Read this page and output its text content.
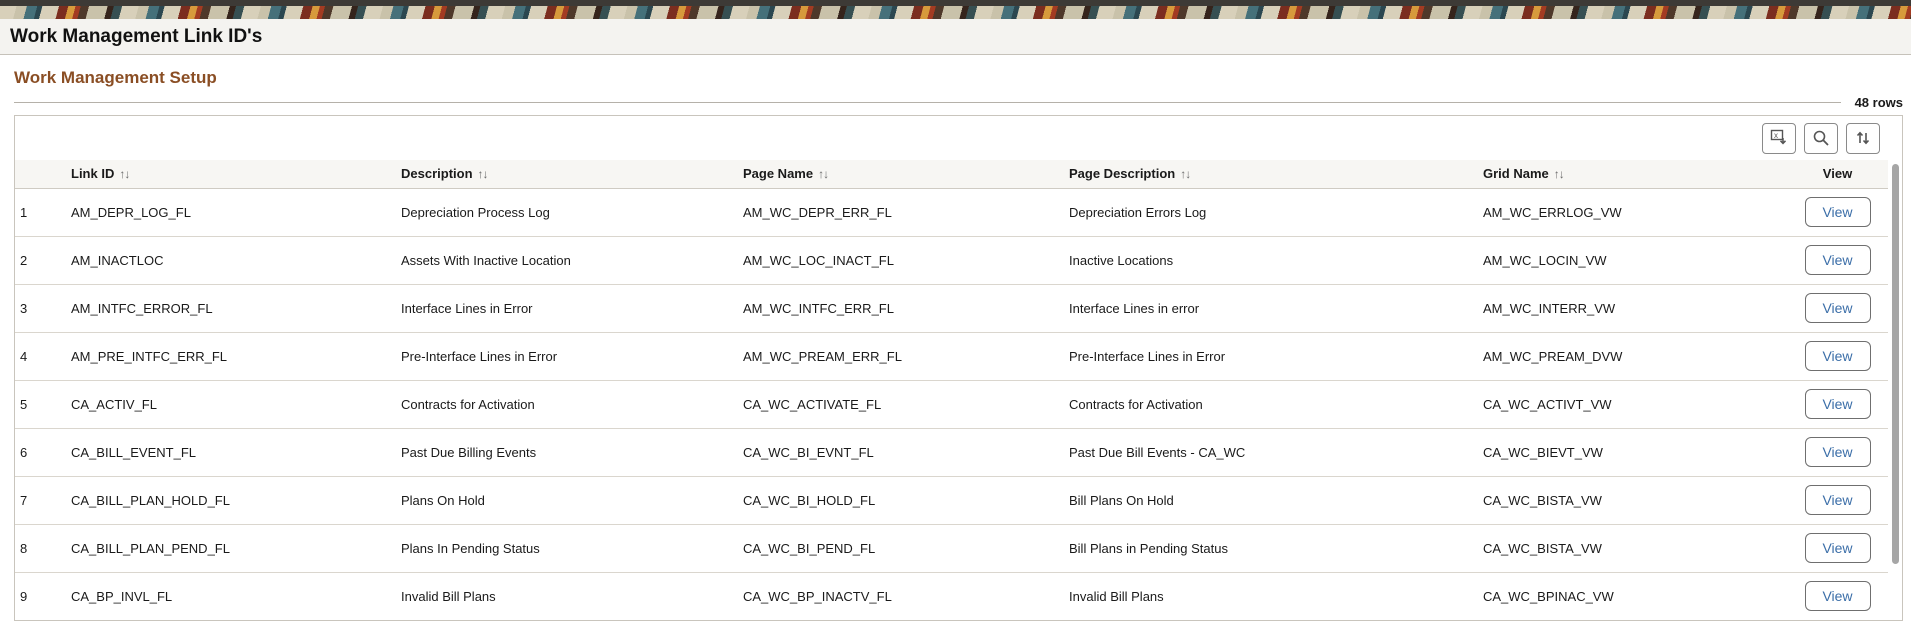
Work Management Link ID's
Work Management Setup
48 rows
x
	Link ID ↑↓	Description ↑↓	Page Name ↑↓	Page Description ↑↓	Grid Name ↑↓	View
1	AM_DEPR_LOG_FL	Depreciation Process Log	AM_WC_DEPR_ERR_FL	Depreciation Errors Log	AM_WC_ERRLOG_VW	View
2	AM_INACTLOC	Assets With Inactive Location	AM_WC_LOC_INACT_FL	Inactive Locations	AM_WC_LOCIN_VW	View
3	AM_INTFC_ERROR_FL	Interface Lines in Error	AM_WC_INTFC_ERR_FL	Interface Lines in error	AM_WC_INTERR_VW	View
4	AM_PRE_INTFC_ERR_FL	Pre-Interface Lines in Error	AM_WC_PREAM_ERR_FL	Pre-Interface Lines in Error	AM_WC_PREAM_DVW	View
5	CA_ACTIV_FL	Contracts for Activation	CA_WC_ACTIVATE_FL	Contracts for Activation	CA_WC_ACTIVT_VW	View
6	CA_BILL_EVENT_FL	Past Due Billing Events	CA_WC_BI_EVNT_FL	Past Due Bill Events - CA_WC	CA_WC_BIEVT_VW	View
7	CA_BILL_PLAN_HOLD_FL	Plans On Hold	CA_WC_BI_HOLD_FL	Bill Plans On Hold	CA_WC_BISTA_VW	View
8	CA_BILL_PLAN_PEND_FL	Plans In Pending Status	CA_WC_BI_PEND_FL	Bill Plans in Pending Status	CA_WC_BISTA_VW	View
9	CA_BP_INVL_FL	Invalid Bill Plans	CA_WC_BP_INACTV_FL	Invalid Bill Plans	CA_WC_BPINAC_VW	View
